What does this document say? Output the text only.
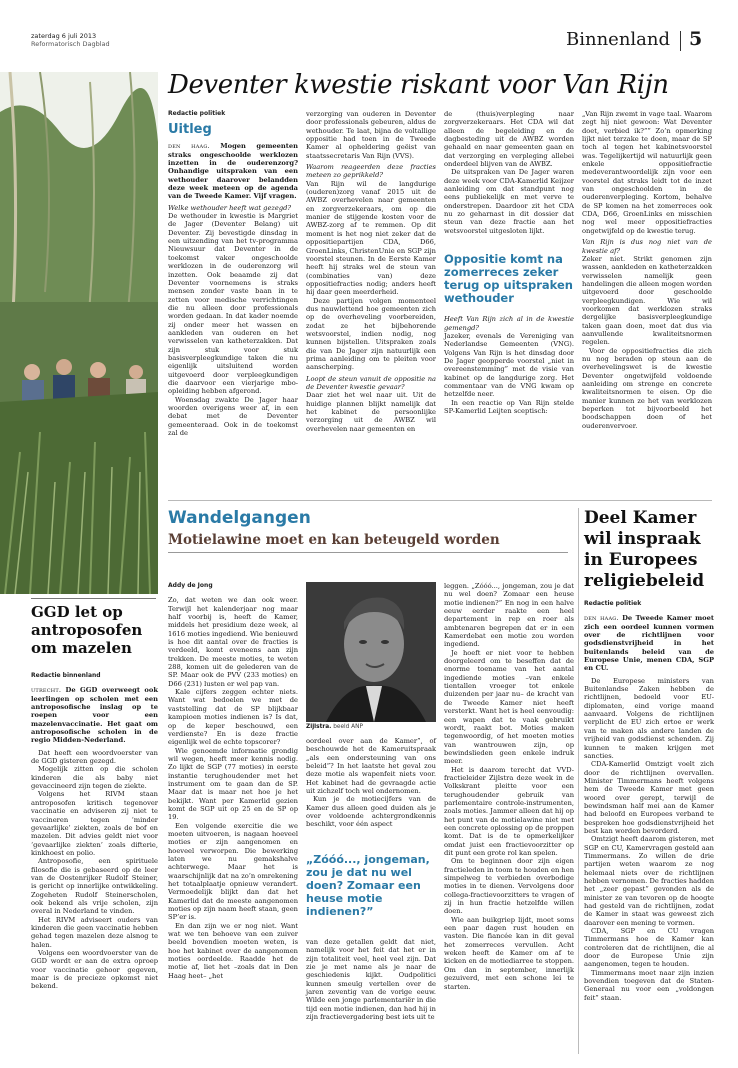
zaterdag 6 juli 2013
Reformatorisch Dagblad	Binnenland 5
Deventer kwestie riskant voor Van Rijn
Redactie politiek
Uitleg

den haag. Mogen gemeenten straks ongeschoolde werklozen inzetten in de ouderenzorg? Onhandige uitspraken van een wethouder daarover belandden deze week meteen op de agenda van de Tweede Kamer. Vijf vragen.

Welke wethouder heeft wat gezegd?

De wethouder in kwestie is Margriet de Jager (Deventer Belang) uit Deventer. Zij bevestigde dinsdag in een uitzending van het tv-programma Nieuwsuur dat Deventer in de toekomst vaker ongeschoolde werklozen in de ouderenzorg wil inzetten. Ook beaamde zij dat Deventer voornemens is straks mensen zonder vaste baan in te zetten voor medische verrichtingen die nu alleen door professionals worden gedaan. In dat kader noemde zij onder meer het wassen en aankleden van ouderen en het verwisselen van katheterzakken. Dat zijn stuk voor stuk basisverpleegkundige taken die nu eigenlijk uitsluitend worden uitgevoerd door verpleegkundigen die daarvoor een vierjarige mbo-opleiding hebben afgerond.

Woensdag zwakte De Jager haar woorden overigens weer af, in een debat met de Deventer gemeenteraad. Ook in de toekomst zal de

verzorging van ouderen in Deventer door professionals gebeuren, aldus de wethouder. Te laat, bijna de voltallige oppositie had toen in de Tweede Kamer al opheldering geëist van staatssecretaris Van Rijn (VVS).

Waarom reageerden deze fracties meteen zo geprikkeld?

Van Rijn wil de langdurige (ouderen)zorg vanaf 2015 uit de AWBZ overhevelen naar gemeenten en zorgverzekeraars, om op die manier de stijgende kosten voor de AWBZ-zorg af te remmen. Op dit moment is het nog niet zeker dat de oppositiepartijen CDA, D66, GroenLinks, ChristenUnie en SGP zijn voorstel steunen. In de Eerste Kamer heeft hij straks wel de steun van (combinaties van) deze oppositiefracties nodig; anders heeft hij daar geen meerderheid.

Deze partijen volgen momenteel dus nauwlettend hoe gemeenten zich op de overheveling voorbereiden, zodat ze het bijbehorende wetsvoorstel, indien nodig, nog kunnen bijstellen. Uitspraken zoals die van De Jager zijn natuurlijk een prima aanleiding om te pleiten voor aanscherping.

Loopt de steun vanuit de oppositie na de Deventer kwestie gevaar?

Daar ziet het wel naar uit. Uit de huidige plannen blijkt namelijk dat het kabinet de persoonlijke verzorging uit de AWBZ wil overhevelen naar gemeenten en

de (thuis)verpleging naar zorgverzekeraars. Het CDA wil dat alleen de begeleiding en de dagbesteding uit de AWBZ worden gehaald en naar gemeenten gaan en dat verzorging en verpleging allebei onderdeel blijven van de AWBZ.

De uitspraken van De Jager waren deze week voor CDA-Kamerlid Keijzer aanleiding om dat standpunt nog eens publiekelijk en met verve te onderstrepen. Daardoor zit het CDA nu zo geharnast in dit dossier dat steun van deze fractie aan het wetsvoorstel uitgesloten lijkt.

Oppositie komt na zomerreces zeker terug op uitspraken wethouder

Heeft Van Rijn zich al in de kwestie gemengd?

Jazeker, evenals de Vereniging van Nederlandse Gemeenten (VNG). Volgens Van Rijn is het dinsdag door De Jager geopperde voorstel „niet in overeenstemming” met de visie van kabinet op de langdurige zorg. Het commentaar van de VNG kwam op hetzelfde neer.

In een reactie op Van Rijn stelde SP-Kamerlid Leijten sceptisch:

„Van Rijn zwemt in vage taal. Waarom zegt hij niet gewoon: Wat Deventer doet, verbied ik?”” Zo’n opmerking lijkt niet terzake te doen, maar de SP toch al tegen het kabinetsvoorstel was. Tegelijkertijd wil natuurlijk geen enkele oppositiefractie medeverantwoordelijk zijn voor een voorstel dat straks leidt tot de inzet van ongeschoolden in de ouderenverpleging. Kortom, behalve de SP komen na het zomerreces ook CDA, D66, GroenLinks en misschien nog wel meer oppositiefracties ongetwijfeld op de kwestie terug.

Van Rijn is dus nog niet van de kwestie af?

Zeker niet. Strikt genomen zijn wassen, aankleden en katheterzakken verwisselen namelijk geen handelingen die alleen mogen worden uitgevoerd door geschoolde verpleegkundigen. Wie wil voorkomen dat werklozen straks dergelijke basisverpleegkundige taken gaan doen, moet dat dus via aanvullende kwaliteitsnormen regelen.

Voor de oppositiefracties die zich nu nog beraden op steun aan de overhevelingswet is de kwestie Deventer ongetwijfeld voldoende aanleiding om strenge en concrete kwaliteitsnormen te eisen. Op die manier kunnen ze het van werklozen beperken tot bijvoorbeeld het boodschappen doen of het ouderenvervoer.

Wandelgangen
Motielawine moet en kan beteugeld worden
Addy de Jong

Zo, dat weten we dan ook weer. Terwijl het kalenderjaar nog maar half voorbij is, heeft de Kamer, middels het presidium deze week, al 1616 moties ingediend. Wie benieuwd is hoe dit aantal over de fracties is verdeeld, komt eveneens aan zijn trekken. De meeste moties, te weten 288, komen uit de gelederen van de SP. Maar ook de PVV (233 moties) en D66 (231) lusten er wel pap van.

Kale cijfers zeggen echter niets. Want wat bedoelen we met de vaststelling dat de SP blijkbaar kampioen moties indienen is? Is dat, op de keper beschouwd, een verdienste? En is deze fractie eigenlijk wel de echte topscorer?

Wie genoemde informatie grondig wil wegen, heeft meer kennis nodig. Zo lijkt de SGP (77 moties) in eerste instantie terughoudender met het instrument om te gaan dan de SP. Maar dat is maar net hoe je het bekijkt. Want per Kamerlid gezien komt de SGP uit op 25 en de SP op 19.

Een volgende exercitie die we moeten uitvoeren, is nagaan hoeveel moties er zijn aangenomen en hoeveel verworpen. Die bewerking laten we nu gemakshalve achterwege. Maar het is waarschijnlijk dat na zo’n omrekening het totaalplaatje opnieuw verandert. Vermoedelijk blijkt dan dat het Kamerlid dat de meeste aangenomen moties op zijn naam heeft staan, geen SP’er is.

En dan zijn we er nog niet. Want wat we ten behoeve van een zuiver beeld bovendien moeten weten, is hoe het kabinet over de aangenomen moties oordeelde. Raadde het de motie af, liet het –zoals dat in Den Haag heet– „het

Zijlstra. beeld ANP

oordeel over aan de Kamer”, of beschouwde het de Kameruitspraak „als een ondersteuning van ons beleid”? In het laatste het geval zou deze motie als wapenfeit niets voor. Het kabinet had de gevraagde actie uit zichzelf toch wel ondernomen.

Kun je de motiecijfers van de Kamer dus alleen goed duiden als je over voldoende achtergrondkennis beschikt, voor één aspect

„Zóóó..., jongeman, zou je dat nu wel doen? Zomaar een heuse motie indienen?”

van deze getallen geldt dat niet, namelijk voor het feit dat het er in zijn totaliteit veel, heel veel zijn. Dat zie je met name als je naar de geschiedenis kijkt. Oudpolitici kunnen smeuïg vertellen over de jaren zeventig van de vorige eeuw. Wilde een jonge parlementariër in die tijd een motie indienen, dan had hij in zijn fractievergadering best iets uit te

leggen. „Zóóó..., jongeman, zou je dat nu wel doen? Zomaar een heuse motie indienen?” En nog in een halve eeuw eerder raakte een heel departement in rep en roer als ambtenaren begrepen dat er in een Kamerdebat een motie zou worden ingediend.

Je hoeft er niet voor te hebben doorgeleerd om te beseffen dat de enorme toename van het aantal ingediende moties –van enkele tientallen vroeger tot enkele duizenden per jaar nu– de kracht van de Tweede Kamer niet heeft versterkt. Want het is heel eenvoudig: een wapen dat te vaak gebruikt wordt, raakt bot. Moties maken tegenwoordig, of het moeten moties van wantrouwen zijn, op bewindslieden geen enkele indruk meer.

Het is daarom terecht dat VVD-fractieleider Zijlstra deze week in de Volkskrant pleitte voor een terughoudender gebruik van parlementaire controle-instrumenten, zoals moties. Jammer alleen dat hij op het punt van de motielawine niet met een concrete oplossing op de proppen komt. Dat is de te opmerkelijker omdat juist een fractievoorzitter op dit punt een grote rol kan spelen.

Om te beginnen door zijn eigen fractieleden in toom te houden en hen simpelweg te verbieden overbodige moties in te dienen. Vervolgens door collega-fractievoorzitters te vragen of zij in hun fractie hetzelfde willen doen.

Wie aan buikgriep lijdt, moet soms een paar dagen rust houden en vasten. Die fiancée kan in dit geval het zomerreces vervullen. Acht weken heeft de Kamer om af te kicken en de motiediarree te stoppen. Om dan in september, innerlijk gezuiverd, met een schone lei te starten.

GGD let op antroposofen om mazelen
Redactie binnenland

utrecht. De GGD overweegt ook leerlingen op scholen met een antroposofische inslag op te roepen voor een mazelenvaccinatie. Het gaat om antroposofische scholen in de regio Midden-Nederland.

Dat heeft een woordvoerster van de GGD gisteren gezegd.

Mogelijk zitten op die scholen kinderen die als baby niet gevaccineerd zijn tegen de ziekte.

Volgens het RIVM staan antroposofen kritisch tegenover vaccinatie en adviseren zij niet te vaccineren tegen ‘minder gevaarlijke’ ziekten, zoals de bof en mazelen. Dit advies geldt niet voor ‘gevaarlijke ziekten’ zoals difterie, kinkhoest en polio.

Antroposofie, een spirituele filosofie die is gebaseerd op de leer van de Oostenrijker Rudolf Steiner, is gericht op innerlijke ontwikkeling. Zogeheten Rudolf Steinerscholen, ook bekend als vrije scholen, zijn overal in Nederland te vinden.

Het RIVM adviseert ouders van kinderen die geen vaccinatie hebben gehad tegen mazelen deze alsnog te halen.

Volgens een woordvoerster van de GGD wordt er aan de extra oproep voor vaccinatie gehoor gegeven, maar is de precieze opkomst niet bekend.

Deel Kamer wil inspraak in Europees religiebeleid
Redactie politiek

den haag. De Tweede Kamer moet zich een oordeel kunnen vormen over de richtlijnen voor godsdienstvrijheid in het buitenlands beleid van de Europese Unie, menen CDA, SGP en CU.

De Europese ministers van Buitenlandse Zaken hebben de richtlijnen, bedoeld voor EU-diplomaten, eind vorige maand aanvaard. Volgens de richtlijnen verplicht de EU zich ertoe er werk van te maken als andere landen de vrijheid van godsdienst schenden. Zij kunnen te maken krijgen met sancties.

CDA-Kamerlid Omtzigt voelt zich door de richtlijnen overvallen. Minister Timmermans heeft volgens hem de Tweede Kamer met geen woord over gerept, terwijl de bewindsman half mei aan de Kamer had beloofd en Europees verband te bespreken hoe godsdienstvrijheid het best kan worden bevorderd.

Omtzigt heeft daarom gisteren, met SGP en CU, Kamervragen gesteld aan Timmermans. Zo willen de drie partijen weten waarom ze nog helemaal niets over de richtlijnen hebben vernomen. De fracties hadden het „zeer gepast” gevonden als de minister ze van tevoren op de hoogte had gesteld van de richtlijnen, zodat de Kamer in staat was geweest zich daarover een mening te vormen.

CDA, SGP en CU vragen Timmermans hoe de Kamer kan controleren dat de richtlijnen, die al door de Europese Unie zijn aangenomen, tegen te houden.

Timmermans moet naar zijn inzien bovendien toegeven dat de Staten-Generaal nu voor een „voldongen feit” staan.
